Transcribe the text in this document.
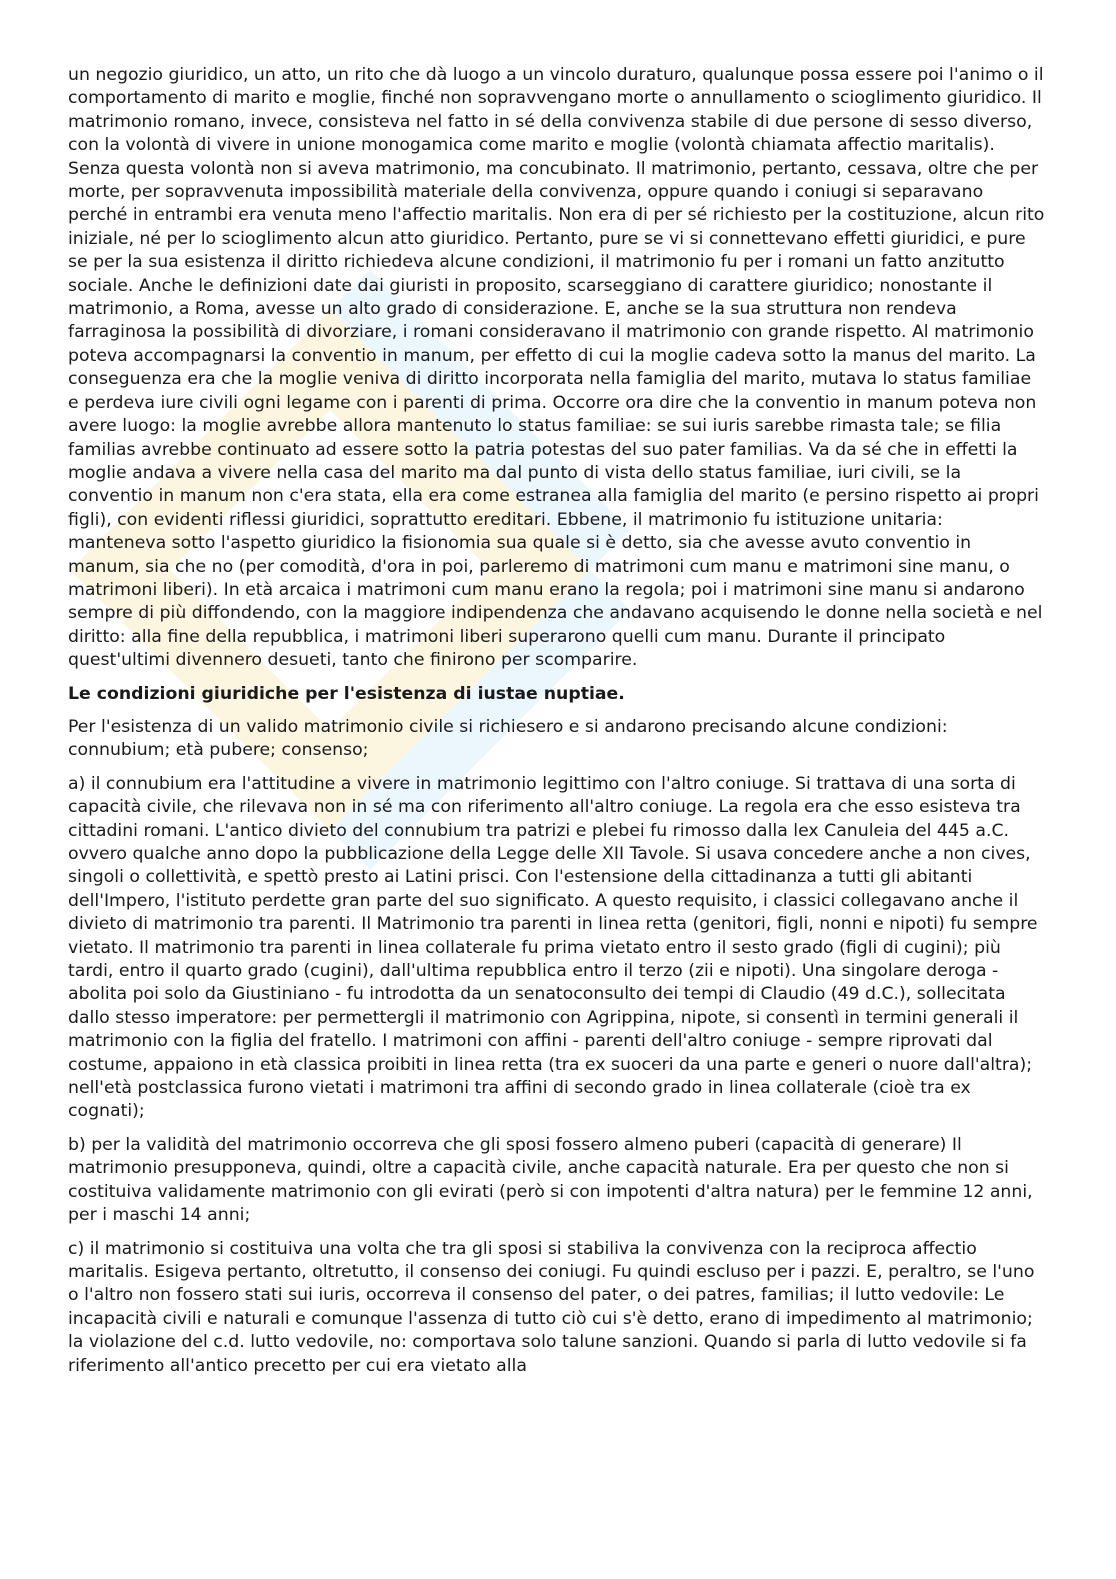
un negozio giuridico, un atto, un rito che dà luogo a un vincolo duraturo, qualunque possa essere poi l'animo o il comportamento di marito e moglie, finché non sopravvengano morte o annullamento o scioglimento giuridico. Il matrimonio romano, invece, consisteva nel fatto in sé della convivenza stabile di due persone di sesso diverso, con la volontà di vivere in unione monogamica come marito e moglie (volontà chiamata affectio maritalis). Senza questa volontà non si aveva matrimonio, ma concubinato. Il matrimonio, pertanto, cessava, oltre che per morte, per sopravvenuta impossibilità materiale della convivenza, oppure quando i coniugi si separavano perché in entrambi era venuta meno l'affectio maritalis. Non era di per sé richiesto per la costituzione, alcun rito iniziale, né per lo scioglimento alcun atto giuridico. Pertanto, pure se vi si connettevano effetti giuridici, e pure se per la sua esistenza il diritto richiedeva alcune condizioni, il matrimonio fu per i romani un fatto anzitutto sociale. Anche le definizioni date dai giuristi in proposito, scarseggiano di carattere giuridico; nonostante il matrimonio, a Roma, avesse un alto grado di considerazione. E, anche se la sua struttura non rendeva farraginosa la possibilità di divorziare, i romani consideravano il matrimonio con grande rispetto. Al matrimonio poteva accompagnarsi la conventio in manum, per effetto di cui la moglie cadeva sotto la manus del marito. La conseguenza era che la moglie veniva di diritto incorporata nella famiglia del marito, mutava lo status familiae e perdeva iure civili ogni legame con i parenti di prima. Occorre ora dire che la conventio in manum poteva non avere luogo: la moglie avrebbe allora mantenuto lo status familiae: se sui iuris sarebbe rimasta tale; se filia familias avrebbe continuato ad essere sotto la patria potestas del suo pater familias. Va da sé che in effetti la moglie andava a vivere nella casa del marito ma dal punto di vista dello status familiae, iuri civili, se la conventio in manum non c'era stata, ella era come estranea alla famiglia del marito (e persino rispetto ai propri figli), con evidenti riflessi giuridici, soprattutto ereditari. Ebbene, il matrimonio fu istituzione unitaria: manteneva sotto l'aspetto giuridico la fisionomia sua quale si è detto, sia che avesse avuto conventio in manum, sia che no (per comodità, d'ora in poi, parleremo di matrimoni cum manu e matrimoni sine manu, o matrimoni liberi). In età arcaica i matrimoni cum manu erano la regola; poi i matrimoni sine manu si andarono sempre di più diffondendo, con la maggiore indipendenza che andavano acquisendo le donne nella società e nel diritto: alla fine della repubblica, i matrimoni liberi superarono quelli cum manu. Durante il principato quest'ultimi divennero desueti, tanto che finirono per scomparire.

Le condizioni giuridiche per l'esistenza di iustae nuptiae.

Per l'esistenza di un valido matrimonio civile si richiesero e si andarono precisando alcune condizioni: connubium; età pubere; consenso;

a) il connubium era l'attitudine a vivere in matrimonio legittimo con l'altro coniuge. Si trattava di una sorta di capacità civile, che rilevava non in sé ma con riferimento all'altro coniuge. La regola era che esso esisteva tra cittadini romani. L'antico divieto del connubium tra patrizi e plebei fu rimosso dalla lex Canuleia del 445 a.C. ovvero qualche anno dopo la pubblicazione della Legge delle XII Tavole. Si usava concedere anche a non cives, singoli o collettività, e spettò presto ai Latini prisci. Con l'estensione della cittadinanza a tutti gli abitanti dell'Impero, l'istituto perdette gran parte del suo significato. A questo requisito, i classici collegavano anche il divieto di matrimonio tra parenti. Il Matrimonio tra parenti in linea retta (genitori, figli, nonni e nipoti) fu sempre vietato. Il matrimonio tra parenti in linea collaterale fu prima vietato entro il sesto grado (figli di cugini); più tardi, entro il quarto grado (cugini), dall'ultima repubblica entro il terzo (zii e nipoti). Una singolare deroga - abolita poi solo da Giustiniano - fu introdotta da un senatoconsulto dei tempi di Claudio (49 d.C.), sollecitata dallo stesso imperatore: per permettergli il matrimonio con Agrippina, nipote, si consentì in termini generali il matrimonio con la figlia del fratello. I matrimoni con affini - parenti dell'altro coniuge - sempre riprovati dal costume, appaiono in età classica proibiti in linea retta (tra ex suoceri da una parte e generi o nuore dall'altra); nell'età postclassica furono vietati i matrimoni tra affini di secondo grado in linea collaterale (cioè tra ex cognati);

b) per la validità del matrimonio occorreva che gli sposi fossero almeno puberi (capacità di generare) Il matrimonio presupponeva, quindi, oltre a capacità civile, anche capacità naturale. Era per questo che non si costituiva validamente matrimonio con gli evirati (però si con impotenti d'altra natura) per le femmine 12 anni, per i maschi 14 anni;

c) il matrimonio si costituiva una volta che tra gli sposi si stabiliva la convivenza con la reciproca affectio maritalis. Esigeva pertanto, oltretutto, il consenso dei coniugi. Fu quindi escluso per i pazzi. E, peraltro, se l'uno o l'altro non fossero stati sui iuris, occorreva il consenso del pater, o dei patres, familias; il lutto vedovile: Le incapacità civili e naturali e comunque l'assenza di tutto ciò cui s'è detto, erano di impedimento al matrimonio; la violazione del c.d. lutto vedovile, no: comportava solo talune sanzioni. Quando si parla di lutto vedovile si fa riferimento all'antico precetto per cui era vietato alla
